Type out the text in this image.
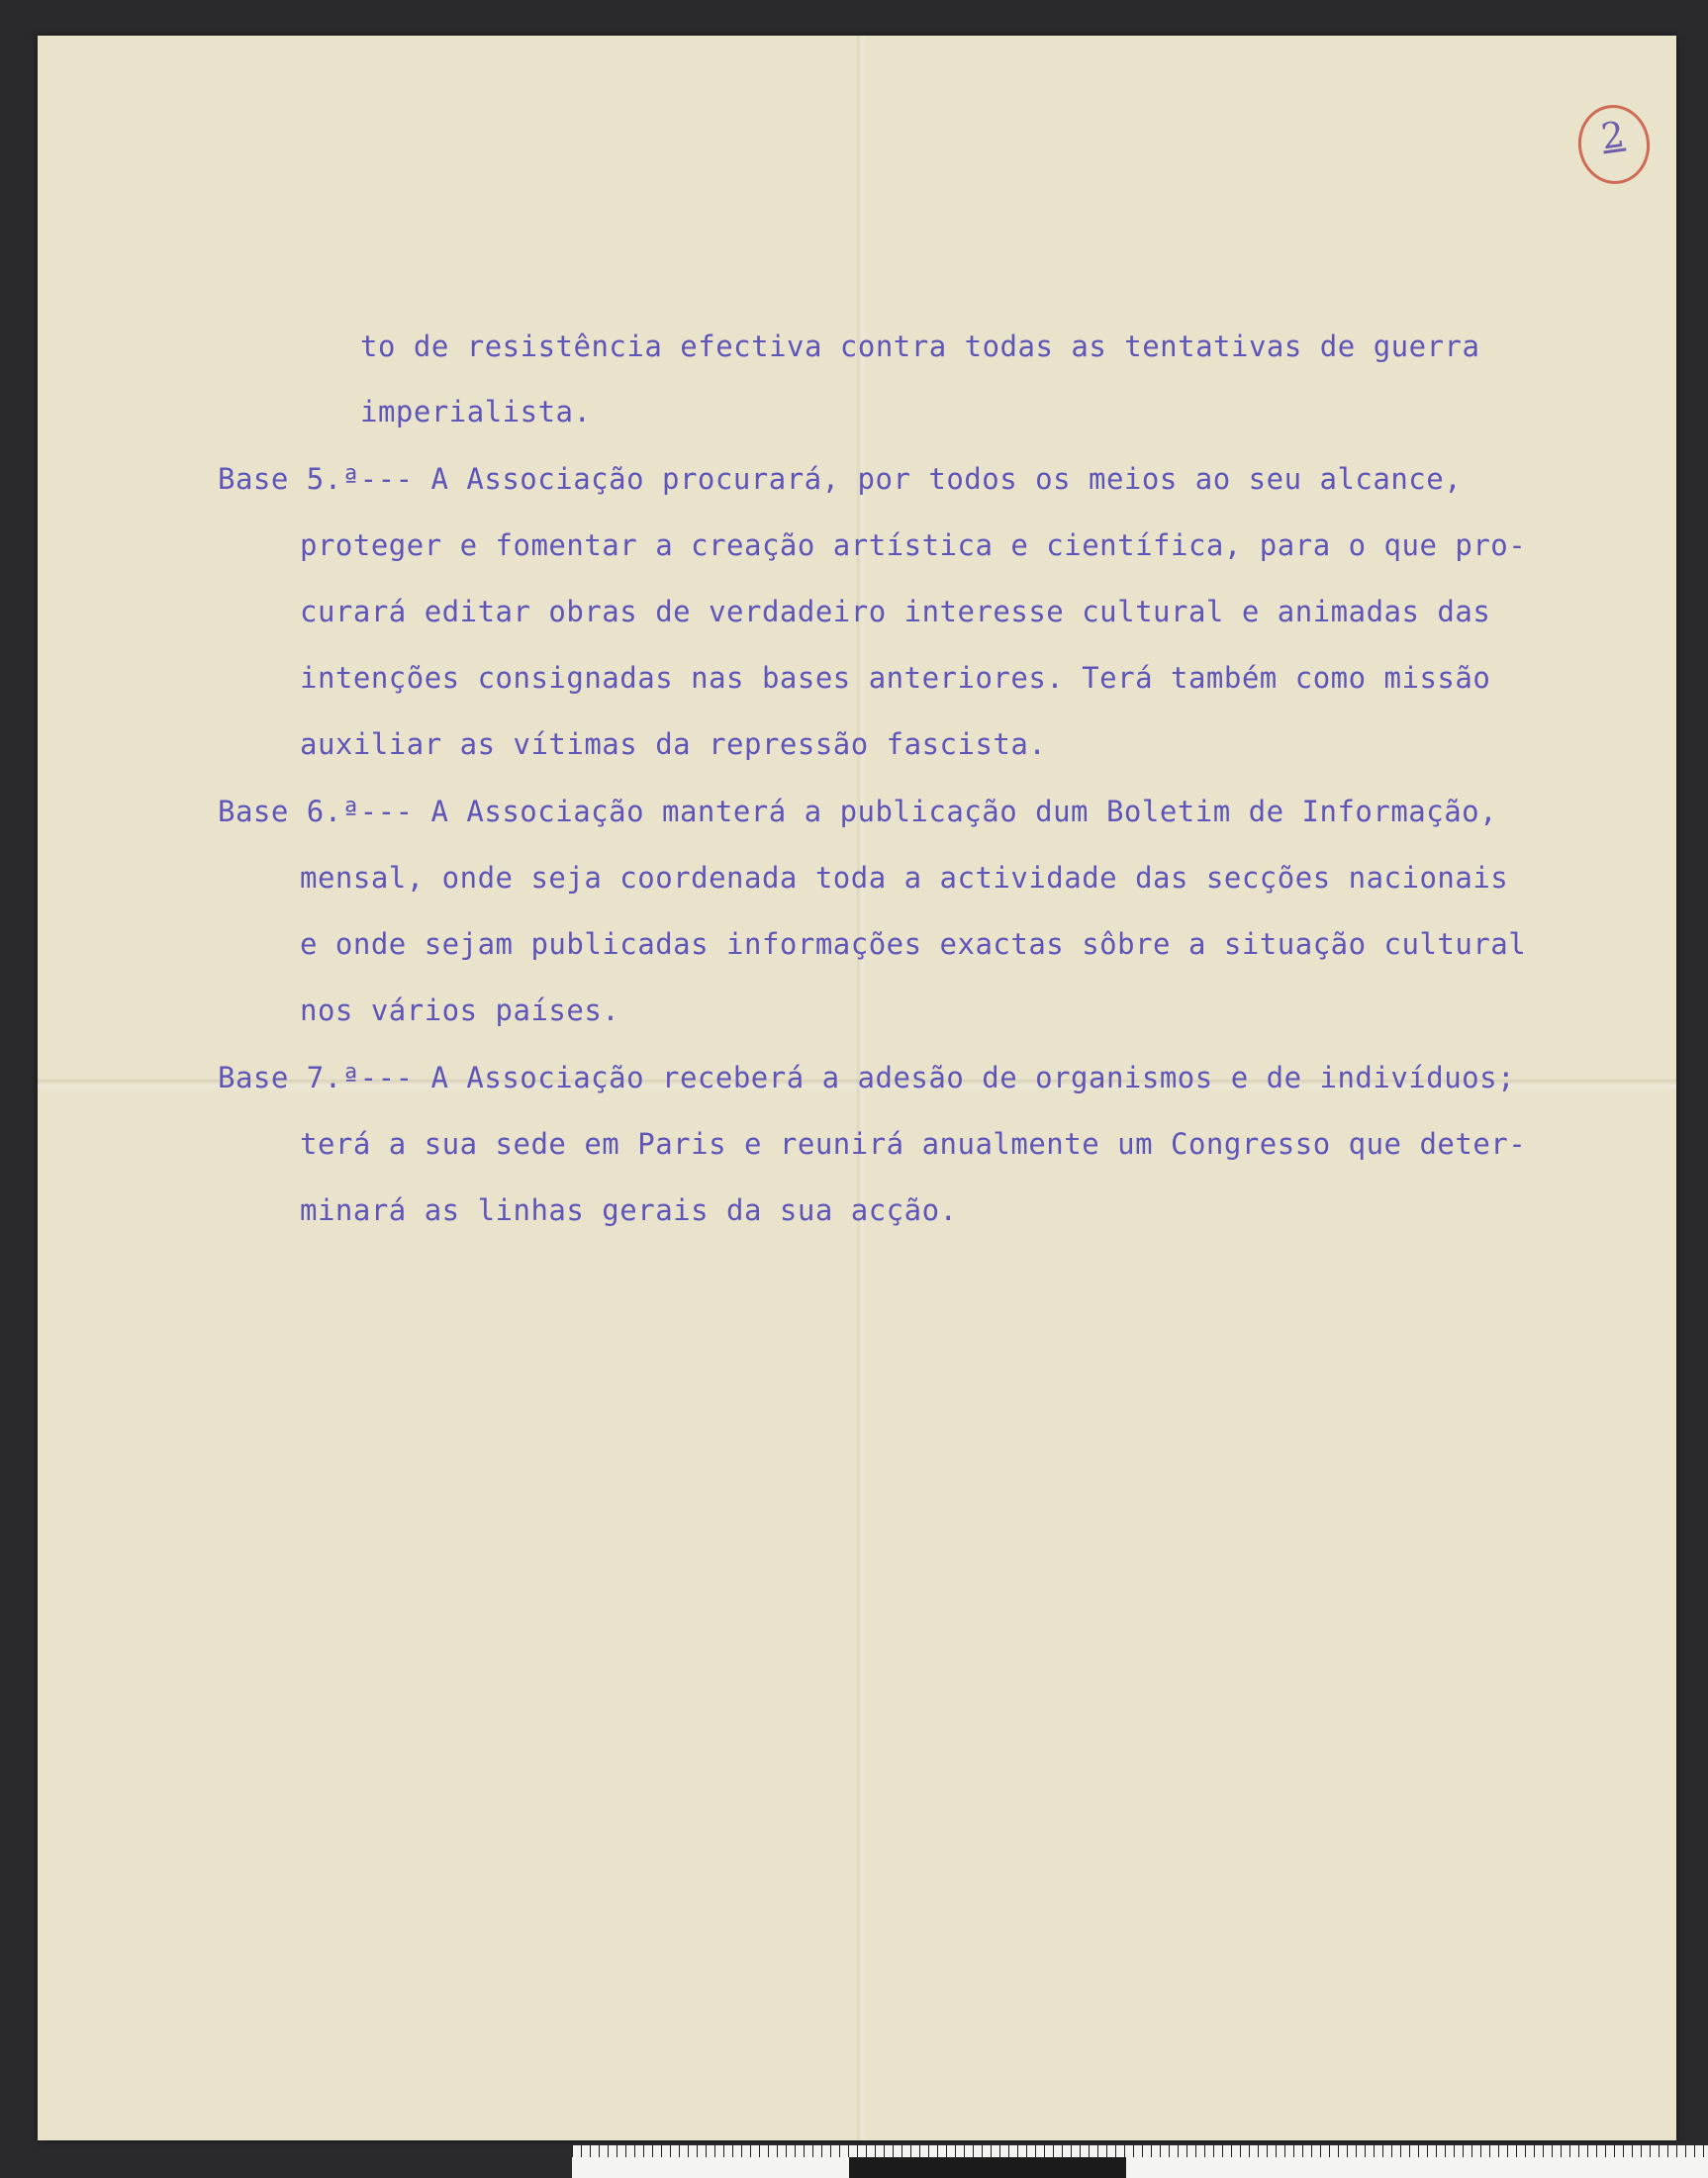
2
to de resistência efectiva contra todas as tentativas de guerra
imperialista.
Base 5.ª--- A Associação procurará, por todos os meios ao seu alcance,
proteger e fomentar a creação artística e científica, para o que pro-
curará editar obras de verdadeiro interesse cultural e animadas das
intenções consignadas nas bases anteriores. Terá também como missão
auxiliar as vítimas da repressão fascista.
Base 6.ª--- A Associação manterá a publicação dum Boletim de Informação,
mensal, onde seja coordenada toda a actividade das secções nacionais
e onde sejam publicadas informações exactas sôbre a situação cultural
nos vários países.
Base 7.ª--- A Associação receberá a adesão de organismos e de indivíduos;
terá a sua sede em Paris e reunirá anualmente um Congresso que deter-
minará as linhas gerais da sua acção.
